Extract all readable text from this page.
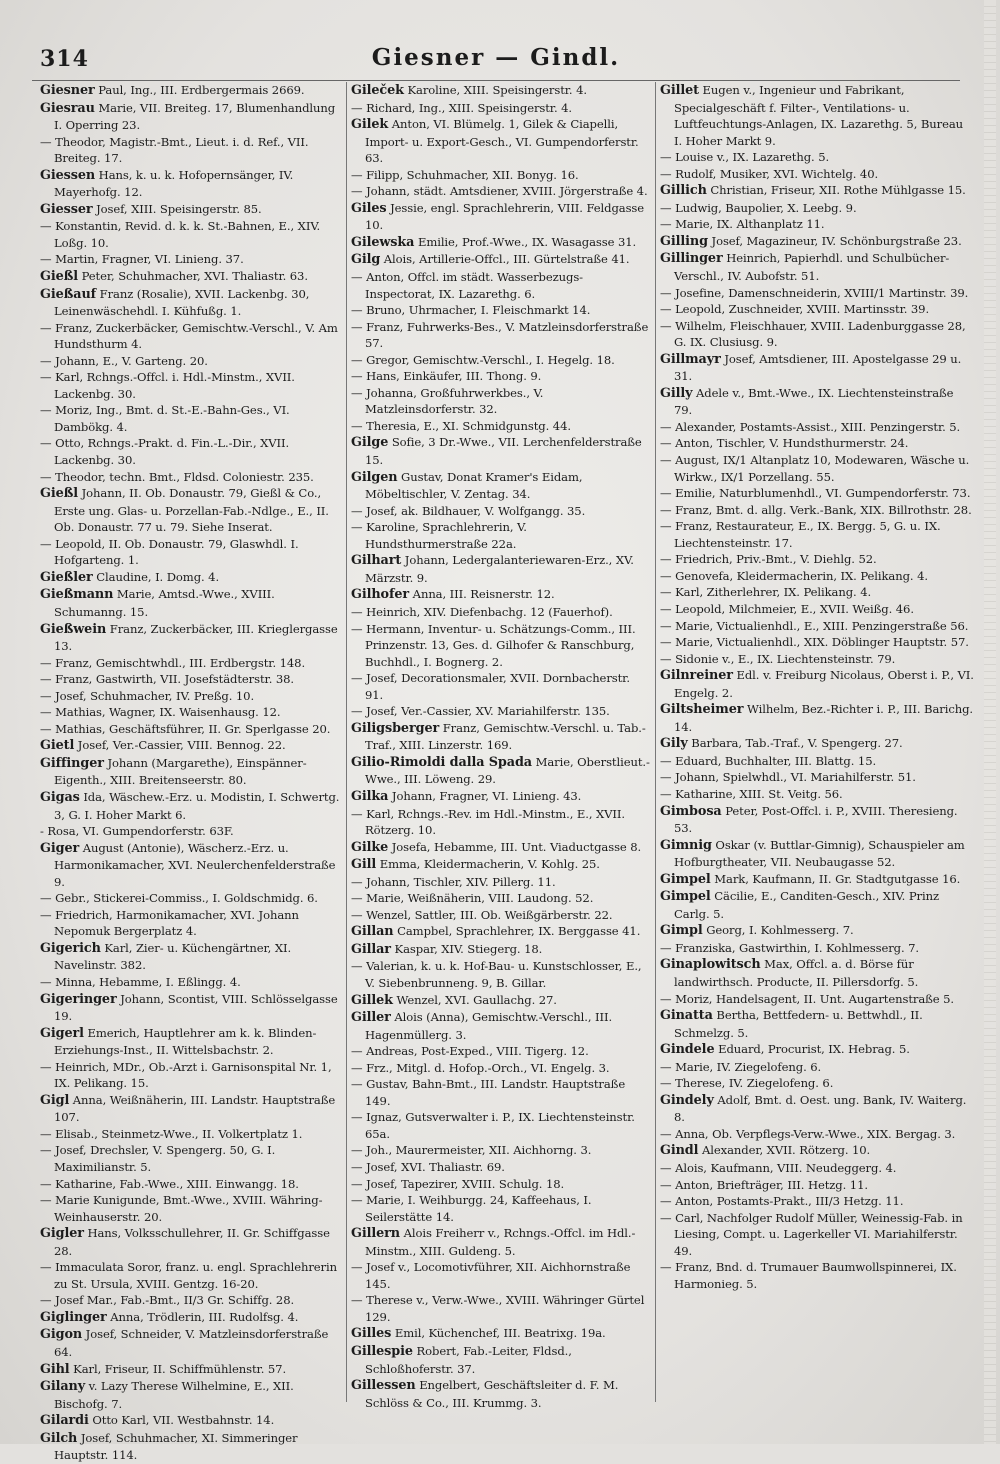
314	Giesner — Gindl.

Giesner Paul, Ing., III. Erdbergermais 2669.

Giesrau Marie, VII. Breiteg. 17, Blumenhandlung I. Operring 23.

— Theodor, Magistr.-Bmt., Lieut. i. d. Ref., VII. Breiteg. 17.

Giessen Hans, k. u. k. Hofopernsänger, IV. Mayerhofg. 12.

Giesser Josef, XIII. Speisingerstr. 85.

— Konstantin, Revid. d. k. k. St.-Bahnen, E., XIV. Loßg. 10.

— Martin, Fragner, VI. Linieng. 37.

Gießl Peter, Schuhmacher, XVI. Thaliastr. 63.

Gießauf Franz (Rosalie), XVII. Lackenbg. 30, Leinenwäschehdl. I. Kühfußg. 1.

— Franz, Zuckerbäcker, Gemischtw.-Verschl., V. Am Hundsthurm 4.

— Johann, E., V. Garteng. 20.

— Karl, Rchngs.-Offcl. i. Hdl.-Minstm., XVII. Lackenbg. 30.

— Moriz, Ing., Bmt. d. St.-E.-Bahn-Ges., VI. Dambökg. 4.

— Otto, Rchngs.-Prakt. d. Fin.-L.-Dir., XVII. Lackenbg. 30.

— Theodor, techn. Bmt., Fldsd. Coloniestr. 235.

Gießl Johann, II. Ob. Donaustr. 79, Gießl & Co., Erste ung. Glas- u. Porzellan-Fab.-Ndlge., E., II. Ob. Donaustr. 77 u. 79. Siehe Inserat.

— Leopold, II. Ob. Donaustr. 79, Glaswhdl. I. Hofgarteng. 1.

Gießler Claudine, I. Domg. 4.

Gießmann Marie, Amtsd.-Wwe., XVIII. Schumanng. 15.

Gießwein Franz, Zuckerbäcker, III. Krieglergasse 13.

— Franz, Gemischtwhdl., III. Erdbergstr. 148.

— Franz, Gastwirth, VII. Josefstädterstr. 38.

— Josef, Schuhmacher, IV. Preßg. 10.

— Mathias, Wagner, IX. Waisenhausg. 12.

— Mathias, Geschäftsführer, II. Gr. Sperlgasse 20.

Gietl Josef, Ver.-Cassier, VIII. Bennog. 22.

Giffinger Johann (Margarethe), Einspänner-Eigenth., XIII. Breitenseerstr. 80.

Gigas Ida, Wäschew.-Erz. u. Modistin, I. Schwertg. 3, G. I. Hoher Markt 6.

- Rosa, VI. Gumpendorferstr. 63F.

Giger August (Antonie), Wäscherz.-Erz. u. Harmonikamacher, XVI. Neulerchenfelderstraße 9.

— Gebr., Stickerei-Commiss., I. Goldschmidg. 6.

— Friedrich, Harmonikamacher, XVI. Johann Nepomuk Bergerplatz 4.

Gigerich Karl, Zier- u. Küchengärtner, XI. Navelinstr. 382.

— Minna, Hebamme, I. Eßlingg. 4.

Gigeringer Johann, Scontist, VIII. Schlösselgasse 19.

Gigerl Emerich, Hauptlehrer am k. k. Blinden-Erziehungs-Inst., II. Wittelsbachstr. 2.

— Heinrich, MDr., Ob.-Arzt i. Garnisonspital Nr. 1, IX. Pelikang. 15.

Gigl Anna, Weißnäherin, III. Landstr. Hauptstraße 107.

— Elisab., Steinmetz-Wwe., II. Volkertplatz 1.

— Josef, Drechsler, V. Spengerg. 50, G. I. Maximilianstr. 5.

— Katharine, Fab.-Wwe., XIII. Einwangg. 18.

— Marie Kunigunde, Bmt.-Wwe., XVIII. Währing-Weinhauserstr. 20.

Gigler Hans, Volksschullehrer, II. Gr. Schiffgasse 28.

— Immaculata Soror, franz. u. engl. Sprachlehrerin zu St. Ursula, XVIII. Gentzg. 16-20.

— Josef Mar., Fab.-Bmt., II/3 Gr. Schiffg. 28.

Giglinger Anna, Trödlerin, III. Rudolfsg. 4.

Gigon Josef, Schneider, V. Matzleinsdorferstraße 64.

Gihl Karl, Friseur, II. Schiffmühlenstr. 57.

Gilany v. Lazy Therese Wilhelmine, E., XII. Bischofg. 7.

Gilardi Otto Karl, VII. Westbahnstr. 14.

Gilch Josef, Schuhmacher, XI. Simmeringer Hauptstr. 114.

Gileček Karoline, XIII. Speisingerstr. 4.

— Richard, Ing., XIII. Speisingerstr. 4.

Gilek Anton, VI. Blümelg. 1, Gilek & Ciapelli, Import- u. Export-Gesch., VI. Gumpendorferstr. 63.

— Filipp, Schuhmacher, XII. Bonyg. 16.

— Johann, städt. Amtsdiener, XVIII. Jörgerstraße 4.

Giles Jessie, engl. Sprachlehrerin, VIII. Feldgasse 10.

Gilewska Emilie, Prof.-Wwe., IX. Wasagasse 31.

Gilg Alois, Artillerie-Offcl., III. Gürtelstraße 41.

— Anton, Offcl. im städt. Wasserbezugs-Inspectorat, IX. Lazarethg. 6.

— Bruno, Uhrmacher, I. Fleischmarkt 14.

— Franz, Fuhrwerks-Bes., V. Matzleinsdorferstraße 57.

— Gregor, Gemischtw.-Verschl., I. Hegelg. 18.

— Hans, Einkäufer, III. Thong. 9.

— Johanna, Großfuhrwerkbes., V. Matzleinsdorferstr. 32.

— Theresia, E., XI. Schmidgunstg. 44.

Gilge Sofie, 3 Dr.-Wwe., VII. Lerchenfelderstraße 15.

Gilgen Gustav, Donat Kramer's Eidam, Möbeltischler, V. Zentag. 34.

— Josef, ak. Bildhauer, V. Wolfgangg. 35.

— Karoline, Sprachlehrerin, V. Hundsthurmerstraße 22a.

Gilhart Johann, Ledergalanteriewaren-Erz., XV. Märzstr. 9.

Gilhofer Anna, III. Reisnerstr. 12.

— Heinrich, XIV. Diefenbachg. 12 (Fauerhof).

— Hermann, Inventur- u. Schätzungs-Comm., III. Prinzenstr. 13, Ges. d. Gilhofer & Ranschburg, Buchhdl., I. Bognerg. 2.

— Josef, Decorationsmaler, XVII. Dornbacherstr. 91.

— Josef, Ver.-Cassier, XV. Mariahilferstr. 135.

Giligsberger Franz, Gemischtw.-Verschl. u. Tab.-Traf., XIII. Linzerstr. 169.

Gilio-Rimoldi dalla Spada Marie, Oberstlieut.-Wwe., III. Löweng. 29.

Gilka Johann, Fragner, VI. Linieng. 43.

— Karl, Rchngs.-Rev. im Hdl.-Minstm., E., XVII. Rötzerg. 10.

Gilke Josefa, Hebamme, III. Unt. Viaductgasse 8.

Gill Emma, Kleidermacherin, V. Kohlg. 25.

— Johann, Tischler, XIV. Pillerg. 11.

— Marie, Weißnäherin, VIII. Laudong. 52.

— Wenzel, Sattler, III. Ob. Weißgärberstr. 22.

Gillan Campbel, Sprachlehrer, IX. Berggasse 41.

Gillar Kaspar, XIV. Stiegerg. 18.

— Valerian, k. u. k. Hof-Bau- u. Kunstschlosser, E., V. Siebenbrunneng. 9, B. Gillar.

Gillek Wenzel, XVI. Gaullachg. 27.

Giller Alois (Anna), Gemischtw.-Verschl., III. Hagenmüllerg. 3.

— Andreas, Post-Exped., VIII. Tigerg. 12.

— Frz., Mitgl. d. Hofop.-Orch., VI. Engelg. 3.

— Gustav, Bahn-Bmt., III. Landstr. Hauptstraße 149.

— Ignaz, Gutsverwalter i. P., IX. Liechtensteinstr. 65a.

— Joh., Maurermeister, XII. Aichhorng. 3.

— Josef, XVI. Thaliastr. 69.

— Josef, Tapezirer, XVIII. Schulg. 18.

— Marie, I. Weihburgg. 24, Kaffeehaus, I. Seilerstätte 14.

Gillern Alois Freiherr v., Rchngs.-Offcl. im Hdl.-Minstm., XIII. Guldeng. 5.

— Josef v., Locomotivführer, XII. Aichhornstraße 145.

— Therese v., Verw.-Wwe., XVIII. Währinger Gürtel 129.

Gilles Emil, Küchenchef, III. Beatrixg. 19a.

Gillespie Robert, Fab.-Leiter, Fldsd., Schloßhoferstr. 37.

Gillessen Engelbert, Geschäftsleiter d. F. M. Schlöss & Co., III. Krummg. 3.

Gillet Eugen v., Ingenieur und Fabrikant, Specialgeschäft f. Filter-, Ventilations- u. Luftfeuchtungs-Anlagen, IX. Lazarethg. 5, Bureau I. Hoher Markt 9.

— Louise v., IX. Lazarethg. 5.

— Rudolf, Musiker, XVI. Wichtelg. 40.

Gillich Christian, Friseur, XII. Rothe Mühlgasse 15.

— Ludwig, Baupolier, X. Leebg. 9.

— Marie, IX. Althanplatz 11.

Gilling Josef, Magazineur, IV. Schönburgstraße 23.

Gillinger Heinrich, Papierhdl. und Schulbücher-Verschl., IV. Aubofstr. 51.

— Josefine, Damenschneiderin, XVIII/1 Martinstr. 39.

— Leopold, Zuschneider, XVIII. Martinsstr. 39.

— Wilhelm, Fleischhauer, XVIII. Ladenburggasse 28, G. IX. Clusiusg. 9.

Gillmayr Josef, Amtsdiener, III. Apostelgasse 29 u. 31.

Gilly Adele v., Bmt.-Wwe., IX. Liechtensteinstraße 79.

— Alexander, Postamts-Assist., XIII. Penzingerstr. 5.

— Anton, Tischler, V. Hundsthurmerstr. 24.

— August, IX/1 Altanplatz 10, Modewaren, Wäsche u. Wirkw., IX/1 Porzellang. 55.

— Emilie, Naturblumenhdl., VI. Gumpendorferstr. 73.

— Franz, Bmt. d. allg. Verk.-Bank, XIX. Billrothstr. 28.

— Franz, Restaurateur, E., IX. Bergg. 5, G. u. IX. Liechtensteinstr. 17.

— Friedrich, Priv.-Bmt., V. Diehlg. 52.

— Genovefa, Kleidermacherin, IX. Pelikang. 4.

— Karl, Zitherlehrer, IX. Pelikang. 4.

— Leopold, Milchmeier, E., XVII. Weißg. 46.

— Marie, Victualienhdl., E., XIII. Penzingerstraße 56.

— Marie, Victualienhdl., XIX. Döblinger Hauptstr. 57.

— Sidonie v., E., IX. Liechtensteinstr. 79.

Gilnreiner Edl. v. Freiburg Nicolaus, Oberst i. P., VI. Engelg. 2.

Giltsheimer Wilhelm, Bez.-Richter i. P., III. Barichg. 14.

Gily Barbara, Tab.-Traf., V. Spengerg. 27.

— Eduard, Buchhalter, III. Blattg. 15.

— Johann, Spielwhdl., VI. Mariahilferstr. 51.

— Katharine, XIII. St. Veitg. 56.

Gimbosa Peter, Post-Offcl. i. P., XVIII. Theresieng. 53.

Gimnig Oskar (v. Buttlar-Gimnig), Schauspieler am Hofburgtheater, VII. Neubaugasse 52.

Gimpel Mark, Kaufmann, II. Gr. Stadtgutgasse 16.

Gimpel Cäcilie, E., Canditen-Gesch., XIV. Prinz Carlg. 5.

Gimpl Georg, I. Kohlmesserg. 7.

— Franziska, Gastwirthin, I. Kohlmesserg. 7.

Ginaplowitsch Max, Offcl. a. d. Börse für landwirthsch. Producte, II. Pillersdorfg. 5.

— Moriz, Handelsagent, II. Unt. Augartenstraße 5.

Ginatta Bertha, Bettfedern- u. Bettwhdl., II. Schmelzg. 5.

Gindele Eduard, Procurist, IX. Hebrag. 5.

— Marie, IV. Ziegelofeng. 6.

— Therese, IV. Ziegelofeng. 6.

Gindely Adolf, Bmt. d. Oest. ung. Bank, IV. Waiterg. 8.

— Anna, Ob. Verpflegs-Verw.-Wwe., XIX. Bergag. 3.

Gindl Alexander, XVII. Rötzerg. 10.

— Alois, Kaufmann, VIII. Neudeggerg. 4.

— Anton, Briefträger, III. Hetzg. 11.

— Anton, Postamts-Prakt., III/3 Hetzg. 11.

— Carl, Nachfolger Rudolf Müller, Weinessig-Fab. in Liesing, Compt. u. Lagerkeller VI. Mariahilferstr. 49.

— Franz, Bnd. d. Trumauer Baumwollspinnerei, IX. Harmonieg. 5.
